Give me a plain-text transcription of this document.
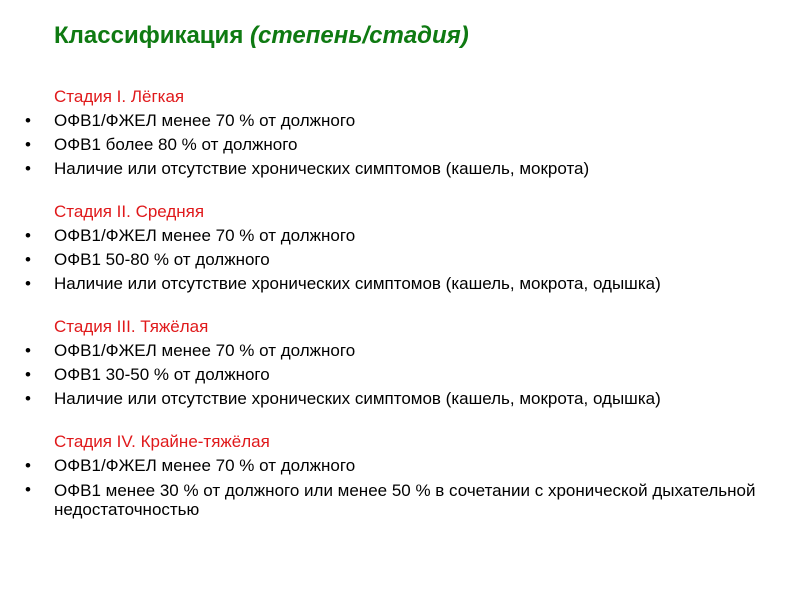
Классификация (степень/стадия)
Стадия I. Лёгкая
• ОФВ1/ФЖЕЛ менее 70 % от должного
• ОФВ1 более 80 % от должного
• Наличие или отсутствие хронических симптомов (кашель, мокрота)
Стадия II. Средняя
• ОФВ1/ФЖЕЛ менее 70 % от должного
• ОФВ1 50-80 % от должного
• Наличие или отсутствие хронических симптомов (кашель, мокрота, одышка)
Стадия III. Тяжёлая
• ОФВ1/ФЖЕЛ менее 70 % от должного
• ОФВ1 30-50 % от должного
• Наличие или отсутствие хронических симптомов (кашель, мокрота, одышка)
Стадия IV. Крайне-тяжёлая
• ОФВ1/ФЖЕЛ менее 70 % от должного
• ОФВ1 менее 30 % от должного или менее 50 % в сочетании с хронической дыхательной недостаточностью
